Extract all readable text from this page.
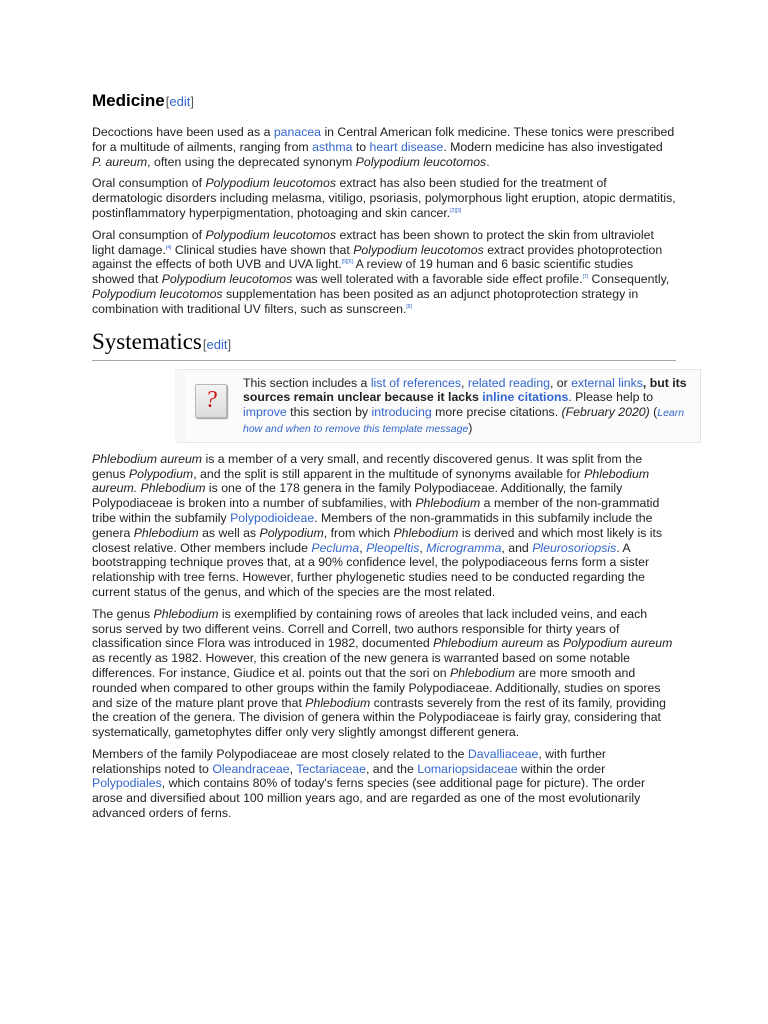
Medicine[edit]

Decoctions have been used as a panacea in Central American folk medicine. These tonics were prescribed for a multitude of ailments, ranging from asthma to heart disease. Modern medicine has also investigated P. aureum, often using the deprecated synonym Polypodium leucotomos.

Oral consumption of Polypodium leucotomos extract has also been studied for the treatment of dermatologic disorders including melasma, vitiligo, psoriasis, polymorphous light eruption, atopic dermatitis, postinflammatory hyperpigmentation, photoaging and skin cancer.[2][3]

Oral consumption of Polypodium leucotomos extract has been shown to protect the skin from ultraviolet light damage.[4] Clinical studies have shown that Polypodium leucotomos extract provides photoprotection against the effects of both UVB and UVA light.[5][6] A review of 19 human and 6 basic scientific studies showed that Polypodium leucotomos was well tolerated with a favorable side effect profile.[7] Consequently, Polypodium leucotomos supplementation has been posited as an adjunct photoprotection strategy in combination with traditional UV filters, such as sunscreen.[8]

Systematics[edit]
?
This section includes a list of references, related reading, or external links, but its sources remain unclear because it lacks inline citations. Please help to improve this section by introducing more precise citations. (February 2020) (Learn how and when to remove this template message)

Phlebodium aureum is a member of a very small, and recently discovered genus. It was split from the genus Polypodium, and the split is still apparent in the multitude of synonyms available for Phlebodium aureum. Phlebodium is one of the 178 genera in the family Polypodiaceae. Additionally, the family Polypodiaceae is broken into a number of subfamilies, with Phlebodium a member of the non-grammatid tribe within the subfamily Polypodioideae. Members of the non-grammatids in this subfamily include the genera Phlebodium as well as Polypodium, from which Phlebodium is derived and which most likely is its closest relative. Other members include Pecluma, Pleopeltis, Microgramma, and Pleurosoriopsis. A bootstrapping technique proves that, at a 90% confidence level, the polypodiaceous ferns form a sister relationship with tree ferns. However, further phylogenetic studies need to be conducted regarding the current status of the genus, and which of the species are the most related.

The genus Phlebodium is exemplified by containing rows of areoles that lack included veins, and each sorus served by two different veins. Correll and Correll, two authors responsible for thirty years of classification since Flora was introduced in 1982, documented Phlebodium aureum as Polypodium aureum as recently as 1982. However, this creation of the new genera is warranted based on some notable differences. For instance, Giudice et al. points out that the sori on Phlebodium are more smooth and rounded when compared to other groups within the family Polypodiaceae. Additionally, studies on spores and size of the mature plant prove that Phlebodium contrasts severely from the rest of its family, providing the creation of the genera. The division of genera within the Polypodiaceae is fairly gray, considering that systematically, gametophytes differ only very slightly amongst different genera.

Members of the family Polypodiaceae are most closely related to the Davalliaceae, with further relationships noted to Oleandraceae, Tectariaceae, and the Lomariopsidaceae within the order Polypodiales, which contains 80% of today's ferns species (see additional page for picture). The order arose and diversified about 100 million years ago, and are regarded as one of the most evolutionarily advanced orders of ferns.
